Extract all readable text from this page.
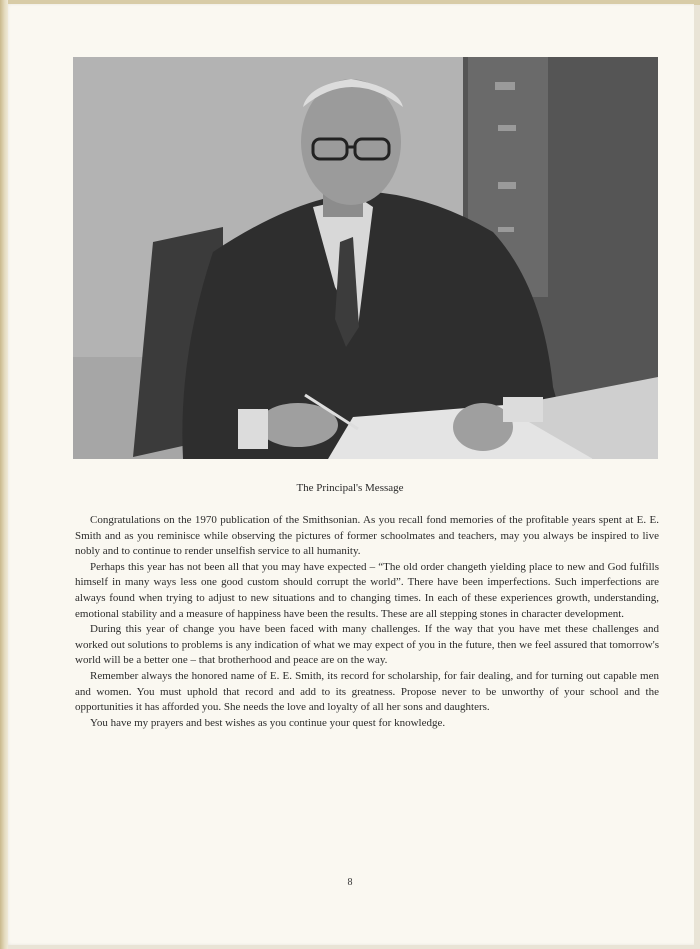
The Principal's Message

Congratulations on the 1970 publication of the Smithsonian. As you recall fond memories of the profitable years spent at E. E. Smith and as you reminisce while observing the pictures of former schoolmates and teachers, may you always be inspired to live nobly and to continue to render unselfish service to all humanity.

Perhaps this year has not been all that you may have expected – “The old order changeth yielding place to new and God fulfills himself in many ways less one good custom should corrupt the world”. There have been imperfections. Such imperfections are always found when trying to adjust to new situations and to changing times. In each of these experiences growth, understanding, emotional stability and a measure of happiness have been the results. These are all stepping stones in character development.

During this year of change you have been faced with many challenges. If the way that you have met these challenges and worked out solutions to problems is any indication of what we may expect of you in the future, then we feel assured that tomorrow's world will be a better one – that brotherhood and peace are on the way.

Remember always the honored name of E. E. Smith, its record for scholarship, for fair dealing, and for turning out capable men and women. You must uphold that record and add to its greatness. Propose never to be unworthy of your school and the opportunities it has afforded you. She needs the love and loyalty of all her sons and daughters.

You have my prayers and best wishes as you continue your quest for knowledge.

8
